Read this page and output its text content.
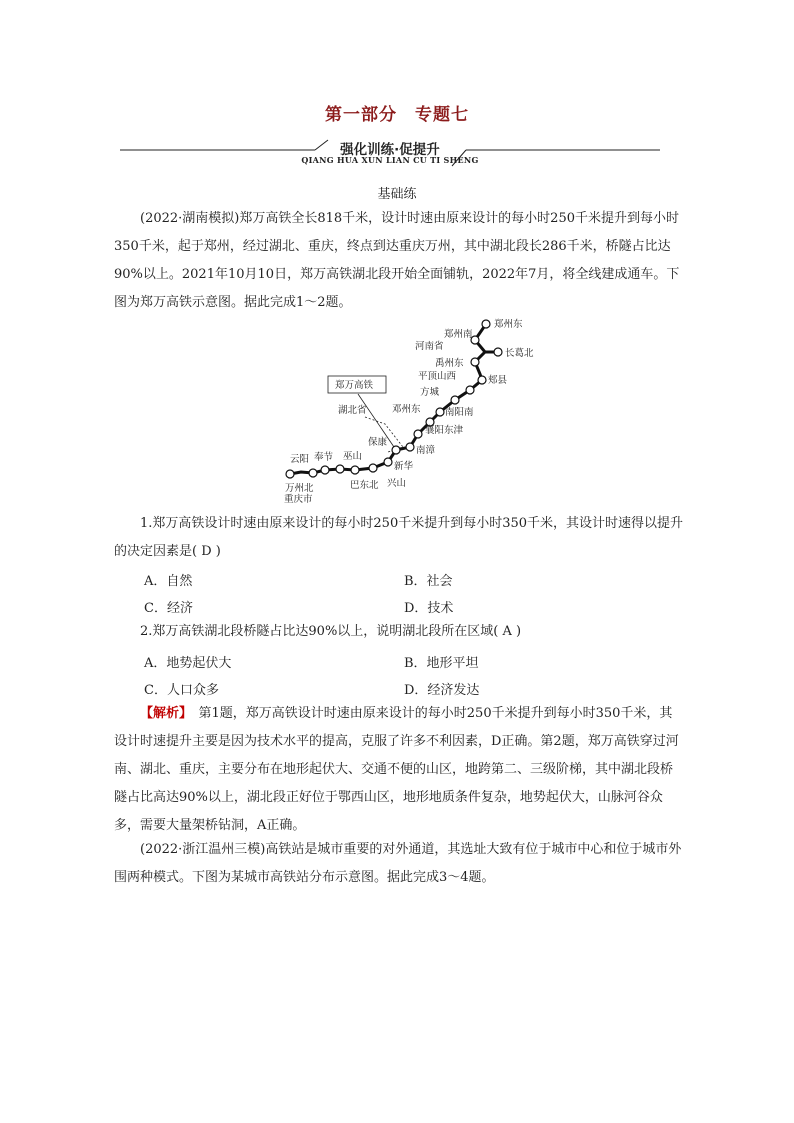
第一部分　专题七
强化训练·促提升
QIANG HUA XUN LIAN CU TI SHENG
基础练

(2022·湖南模拟)郑万高铁全长818千米，设计时速由原来设计的每小时250千米提升到每小时350千米，起于郑州，经过湖北、重庆，终点到达重庆万州，其中湖北段长286千米，桥隧占比达90%以上。2021年10月10日，郑万高铁湖北段开始全面铺轨，2022年7月，将全线建成通车。下图为郑万高铁示意图。据此完成1～2题。

郑万高铁
河南省
湖北省
重庆市
郑州东
郑州南
长葛北
禹州东
郏县
平顶山西
方城
南阳南
邓州东
襄阳东津
南漳
保康
新华
兴山
巴东北
巫山
奉节
云阳
万州北

1.郑万高铁设计时速由原来设计的每小时250千米提升到每小时350千米，其设计时速得以提升的决定因素是( D )

A．自然	B．社会
C．经济	D．技术

2.郑万高铁湖北段桥隧占比达90%以上，说明湖北段所在区域( A )

A．地势起伏大	B．地形平坦
C．人口众多	D．经济发达

【解析】　第1题，郑万高铁设计时速由原来设计的每小时250千米提升到每小时350千米，其设计时速提升主要是因为技术水平的提高，克服了许多不利因素，D正确。第2题，郑万高铁穿过河南、湖北、重庆，主要分布在地形起伏大、交通不便的山区，地跨第二、三级阶梯，其中湖北段桥隧占比高达90%以上，湖北段正好位于鄂西山区，地形地质条件复杂，地势起伏大，山脉河谷众多，需要大量架桥钻洞，A正确。

(2022·浙江温州三模)高铁站是城市重要的对外通道，其选址大致有位于城市中心和位于城市外围两种模式。下图为某城市高铁站分布示意图。据此完成3～4题。
